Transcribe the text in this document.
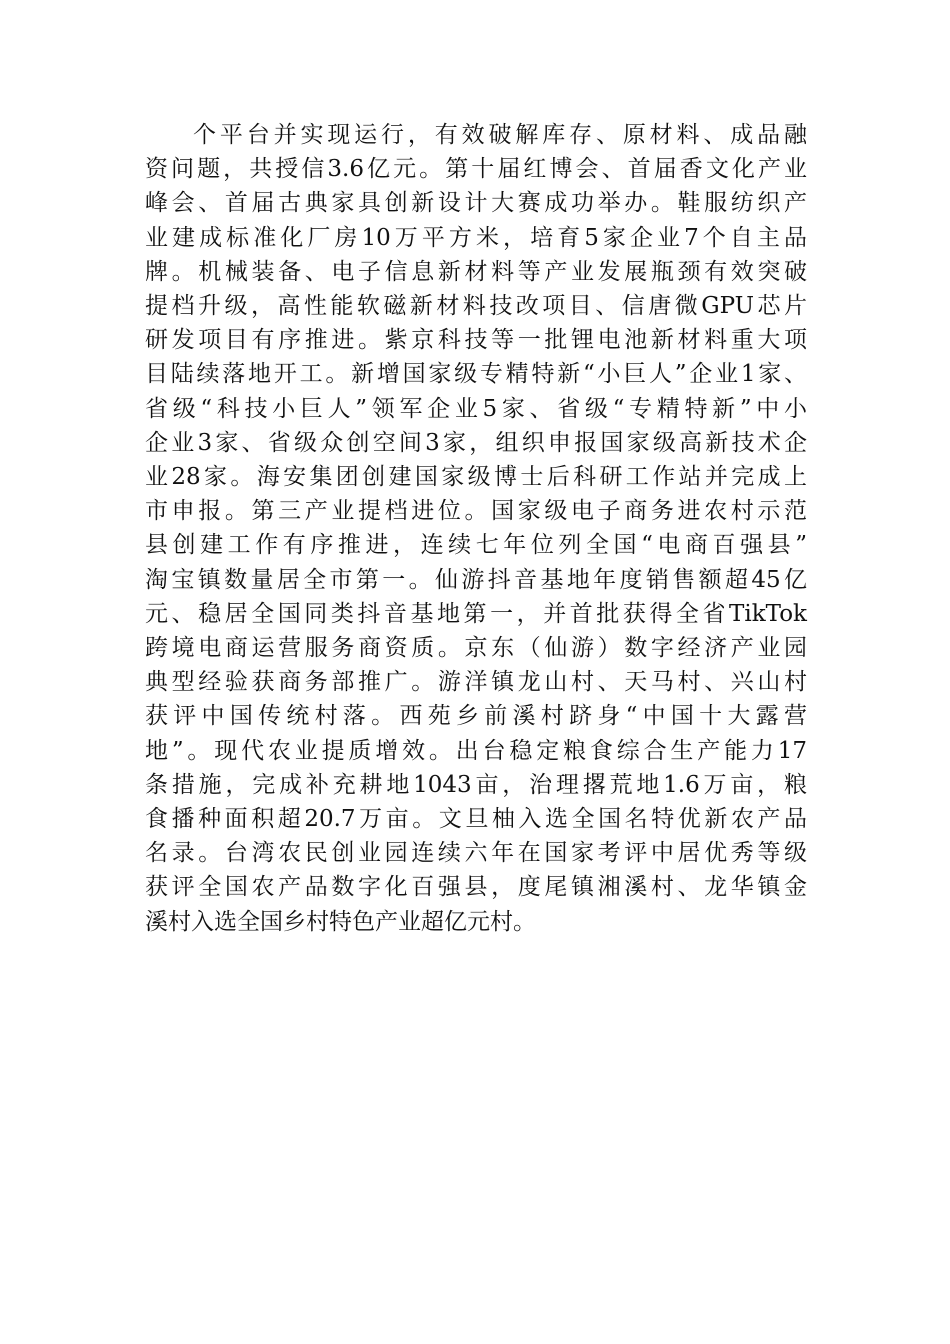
个平台并实现运行，有效破解库存、原材料、成品融
资问题，共授信3.6亿元。第十届红博会、首届香文化产业
峰会、首届古典家具创新设计大赛成功举办。鞋服纺织产
业建成标准化厂房10万平方米，培育5家企业7个自主品
牌。机械装备、电子信息新材料等产业发展瓶颈有效突破
提档升级，高性能软磁新材料技改项目、信唐微GPU芯片
研发项目有序推进。紫京科技等一批锂电池新材料重大项
目陆续落地开工。新增国家级专精特新“小巨人”企业1家、
省级“科技小巨人”领军企业5家、省级“专精特新”中小
企业3家、省级众创空间3家，组织申报国家级高新技术企
业28家。海安集团创建国家级博士后科研工作站并完成上
市申报。第三产业提档进位。国家级电子商务进农村示范
县创建工作有序推进，连续七年位列全国“电商百强县”
淘宝镇数量居全市第一。仙游抖音基地年度销售额超45亿
元、稳居全国同类抖音基地第一，并首批获得全省TikTok
跨境电商运营服务商资质。京东（仙游）数字经济产业园
典型经验获商务部推广。游洋镇龙山村、天马村、兴山村
获评中国传统村落。西苑乡前溪村跻身“中国十大露营
地”。现代农业提质增效。出台稳定粮食综合生产能力17
条措施，完成补充耕地1043亩，治理撂荒地1.6万亩，粮
食播种面积超20.7万亩。文旦柚入选全国名特优新农产品
名录。台湾农民创业园连续六年在国家考评中居优秀等级
获评全国农产品数字化百强县，度尾镇湘溪村、龙华镇金
溪村入选全国乡村特色产业超亿元村。
